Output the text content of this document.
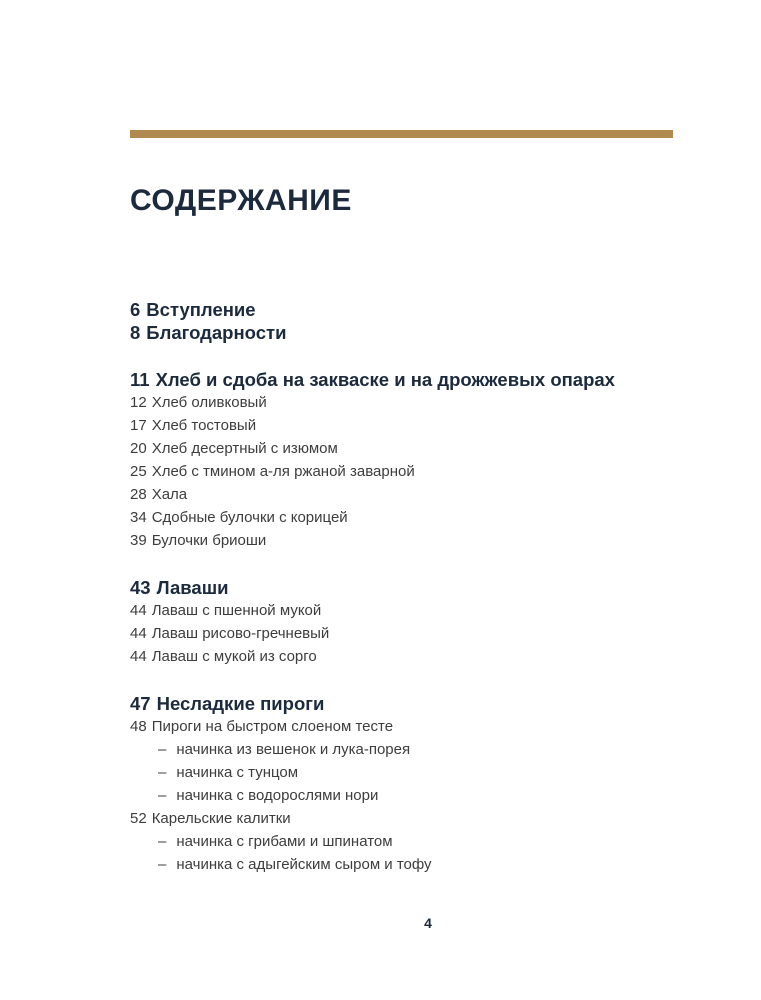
СОДЕРЖАНИЕ
6 Вступление
8 Благодарности
11 Хлеб и сдоба на закваске и на дрожжевых опарах
12 Хлеб оливковый
17 Хлеб тостовый
20 Хлеб десертный с изюмом
25 Хлеб с тмином а-ля ржаной заварной
28 Хала
34 Сдобные булочки с корицей
39 Булочки бриоши
43 Лаваши
44 Лаваш с пшенной мукой
44 Лаваш рисово-гречневый
44 Лаваш с мукой из сорго
47 Несладкие пироги
48 Пироги на быстром слоеном тесте
– начинка из вешенок и лука-порея
– начинка с тунцом
– начинка с водорослями нори
52 Карельские калитки
– начинка с грибами и шпинатом
– начинка с адыгейским сыром и тофу
4
